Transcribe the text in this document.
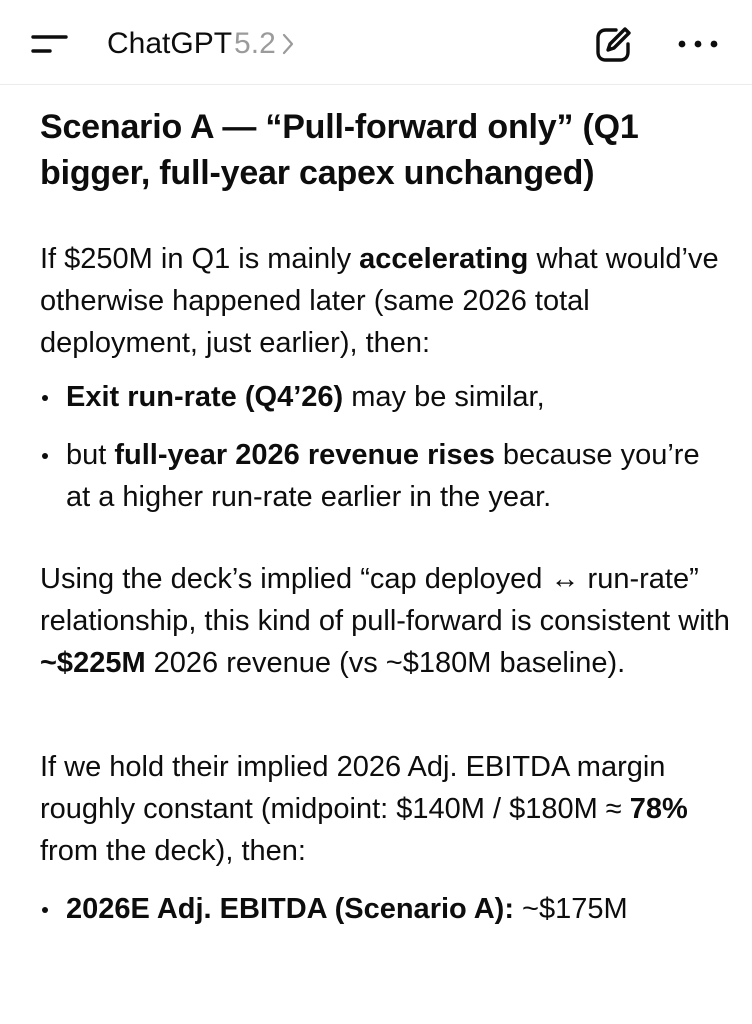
ChatGPT 5.2
Scenario A — “Pull-forward only” (Q1 bigger, full-year capex unchanged)

If $250M in Q1 is mainly accelerating what would’ve otherwise happened later (same 2026 total deployment, just earlier), then:

Exit run-rate (Q4’26) may be similar,
but full-year 2026 revenue rises because you’re at a higher run-rate earlier in the year.

Using the deck’s implied “cap deployed ↔ run-rate” relationship, this kind of pull-forward is consistent with ~$225M 2026 revenue (vs ~$180M baseline).

If we hold their implied 2026 Adj. EBITDA margin roughly constant (midpoint: $140M / $180M ≈ 78% from the deck), then:

2026E Adj. EBITDA (Scenario A): ~$175M
